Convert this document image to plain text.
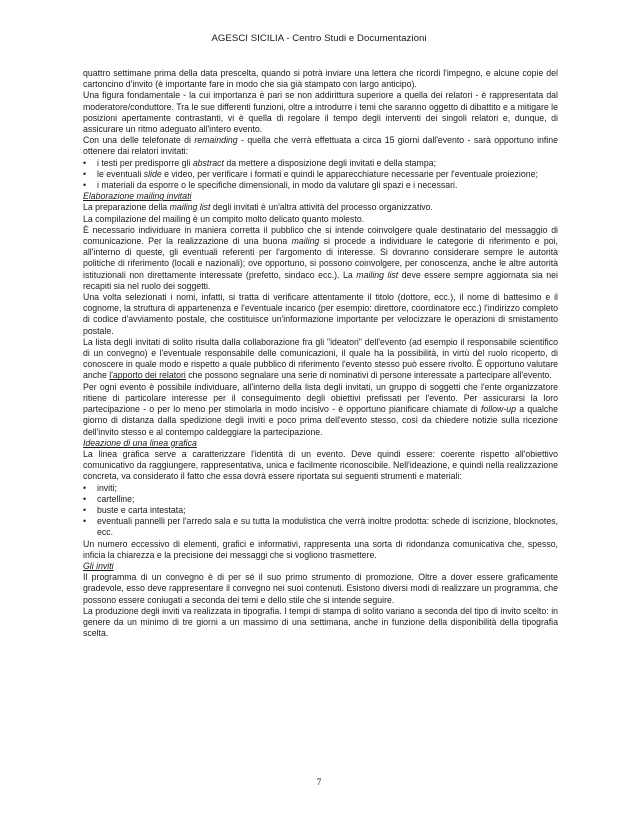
AGESCI SICILIA - Centro Studi e Documentazioni

quattro settimane prima della data prescelta, quando si potrà inviare una lettera che ricordi l'impegno, e alcune copie del cartoncino d'invito (è importante fare in modo che sia già stampato con largo anticipo).

Una figura fondamentale - la cui importanza è pari se non addirittura superiore a quella dei relatori - è rappresentata dal moderatore/conduttore. Tra le sue differenti funzioni, oltre a introdurre i temi che saranno oggetto di dibattito e a mitigare le posizioni apertamente contrastanti, vi è quella di regolare il tempo degli interventi dei singoli relatori e, dunque, di assicurare un ritmo adeguato all'intero evento.

Con una delle telefonate di remainding - quella che verrà effettuata a circa 15 giorni dall'evento - sarà opportuno infine ottenere dai relatori invitati:

• i testi per predisporre gli abstract da mettere a disposizione degli invitati e della stampa;
• le eventuali slide e video, per verificare i formati e quindi le apparecchiature necessarie per l'eventuale proiezione;
• i materiali da esporre o le specifiche dimensionali, in modo da valutare gli spazi e i necessari.

Elaborazione mailing invitati

La preparazione della mailing list degli invitati è un'altra attività del processo organizzativo.

La compilazione del mailing è un compito molto delicato quanto molesto.

È necessario individuare in maniera corretta il pubblico che si intende coinvolgere quale destinatario del messaggio di comunicazione. Per la realizzazione di una buona mailing si procede a individuare le categorie di riferimento e poi, all'interno di queste, gli eventuali referenti per l'argomento di interesse. Si dovranno considerare sempre le autorità politiche di riferimento (locali e nazionali); ove opportuno, si possono coinvolgere, per conoscenza, anche le altre autorità istituzionali non direttamente interessate (prefetto, sindaco ecc.). La mailing list deve essere sempre aggiornata sia nei recapiti sia nel ruolo dei soggetti.

Una volta selezionati i nomi, infatti, si tratta di verificare attentamente il titolo (dottore, ecc.), il nome di battesimo e il cognome, la struttura di appartenenza e l'eventuale incarico (per esempio: direttore, coordinatore ecc.) l'indirizzo completo di codice d'avviamento postale, che costituisce un'informazione importante per velocizzare le operazioni di smistamento postale.

La lista degli invitati di solito risulta dalla collaborazione fra gli "ideatori" dell'evento (ad esempio il responsabile scientifico di un convegno) e l'eventuale responsabile delle comunicazioni, il quale ha la possibilità, in virtù del ruolo ricoperto, di conoscere in quale modo e rispetto a quale pubblico di riferimento l'evento stesso può essere rivolto. È opportuno valutare anche l'apporto dei relatori che possono segnalare una serie di nominativi di persone interessate a partecipare all'evento.

Per ogni evento è possibile individuare, all'interno della lista degli invitati, un gruppo di soggetti che l'ente organizzatore ritiene di particolare interesse per il conseguimento degli obiettivi prefissati per l'evento. Per assicurarsi la loro partecipazione - o per lo meno per stimolarla in modo incisivo - è opportuno pianificare chiamate di follow-up a qualche giorno di distanza dalla spedizione degli inviti e poco prima dell'evento stesso, così da chiedere notizie sulla ricezione dell'invito stesso e al contempo caldeggiare la partecipazione.

Ideazione di una linea grafica

La linea grafica serve a caratterizzare l'identità di un evento. Deve quindi essere: coerente rispetto all'obiettivo comunicativo da raggiungere, rappresentativa, unica e facilmente riconoscibile. Nell'ideazione, e quindi nella realizzazione concreta, va considerato il fatto che essa dovrà essere riportata sui seguenti strumenti e materiali:

• inviti;
• cartelline;
• buste e carta intestata;
• eventuali pannelli per l'arredo sala e su tutta la modulistica che verrà inoltre prodotta: schede di iscrizione, blocknotes, ecc.

Un numero eccessivo di elementi, grafici e informativi, rappresenta una sorta di ridondanza comunicativa che, spesso, inficia la chiarezza e la precisione dei messaggi che si vogliono trasmettere.

Gli inviti

Il programma di un convegno è di per sé il suo primo strumento di promozione. Oltre a dover essere graficamente gradevole, esso deve rappresentare il convegno nei suoi contenuti. Esistono diversi modi di realizzare un programma, che possono essere coniugati a seconda dei temi e dello stile che si intende seguire.

La produzione degli inviti va realizzata in tipografia. I tempi di stampa di solito variano a seconda del tipo di invito scelto: in genere da un minimo di tre giorni a un massimo di una settimana, anche in funzione della disponibilità della tipografia scelta.

7
